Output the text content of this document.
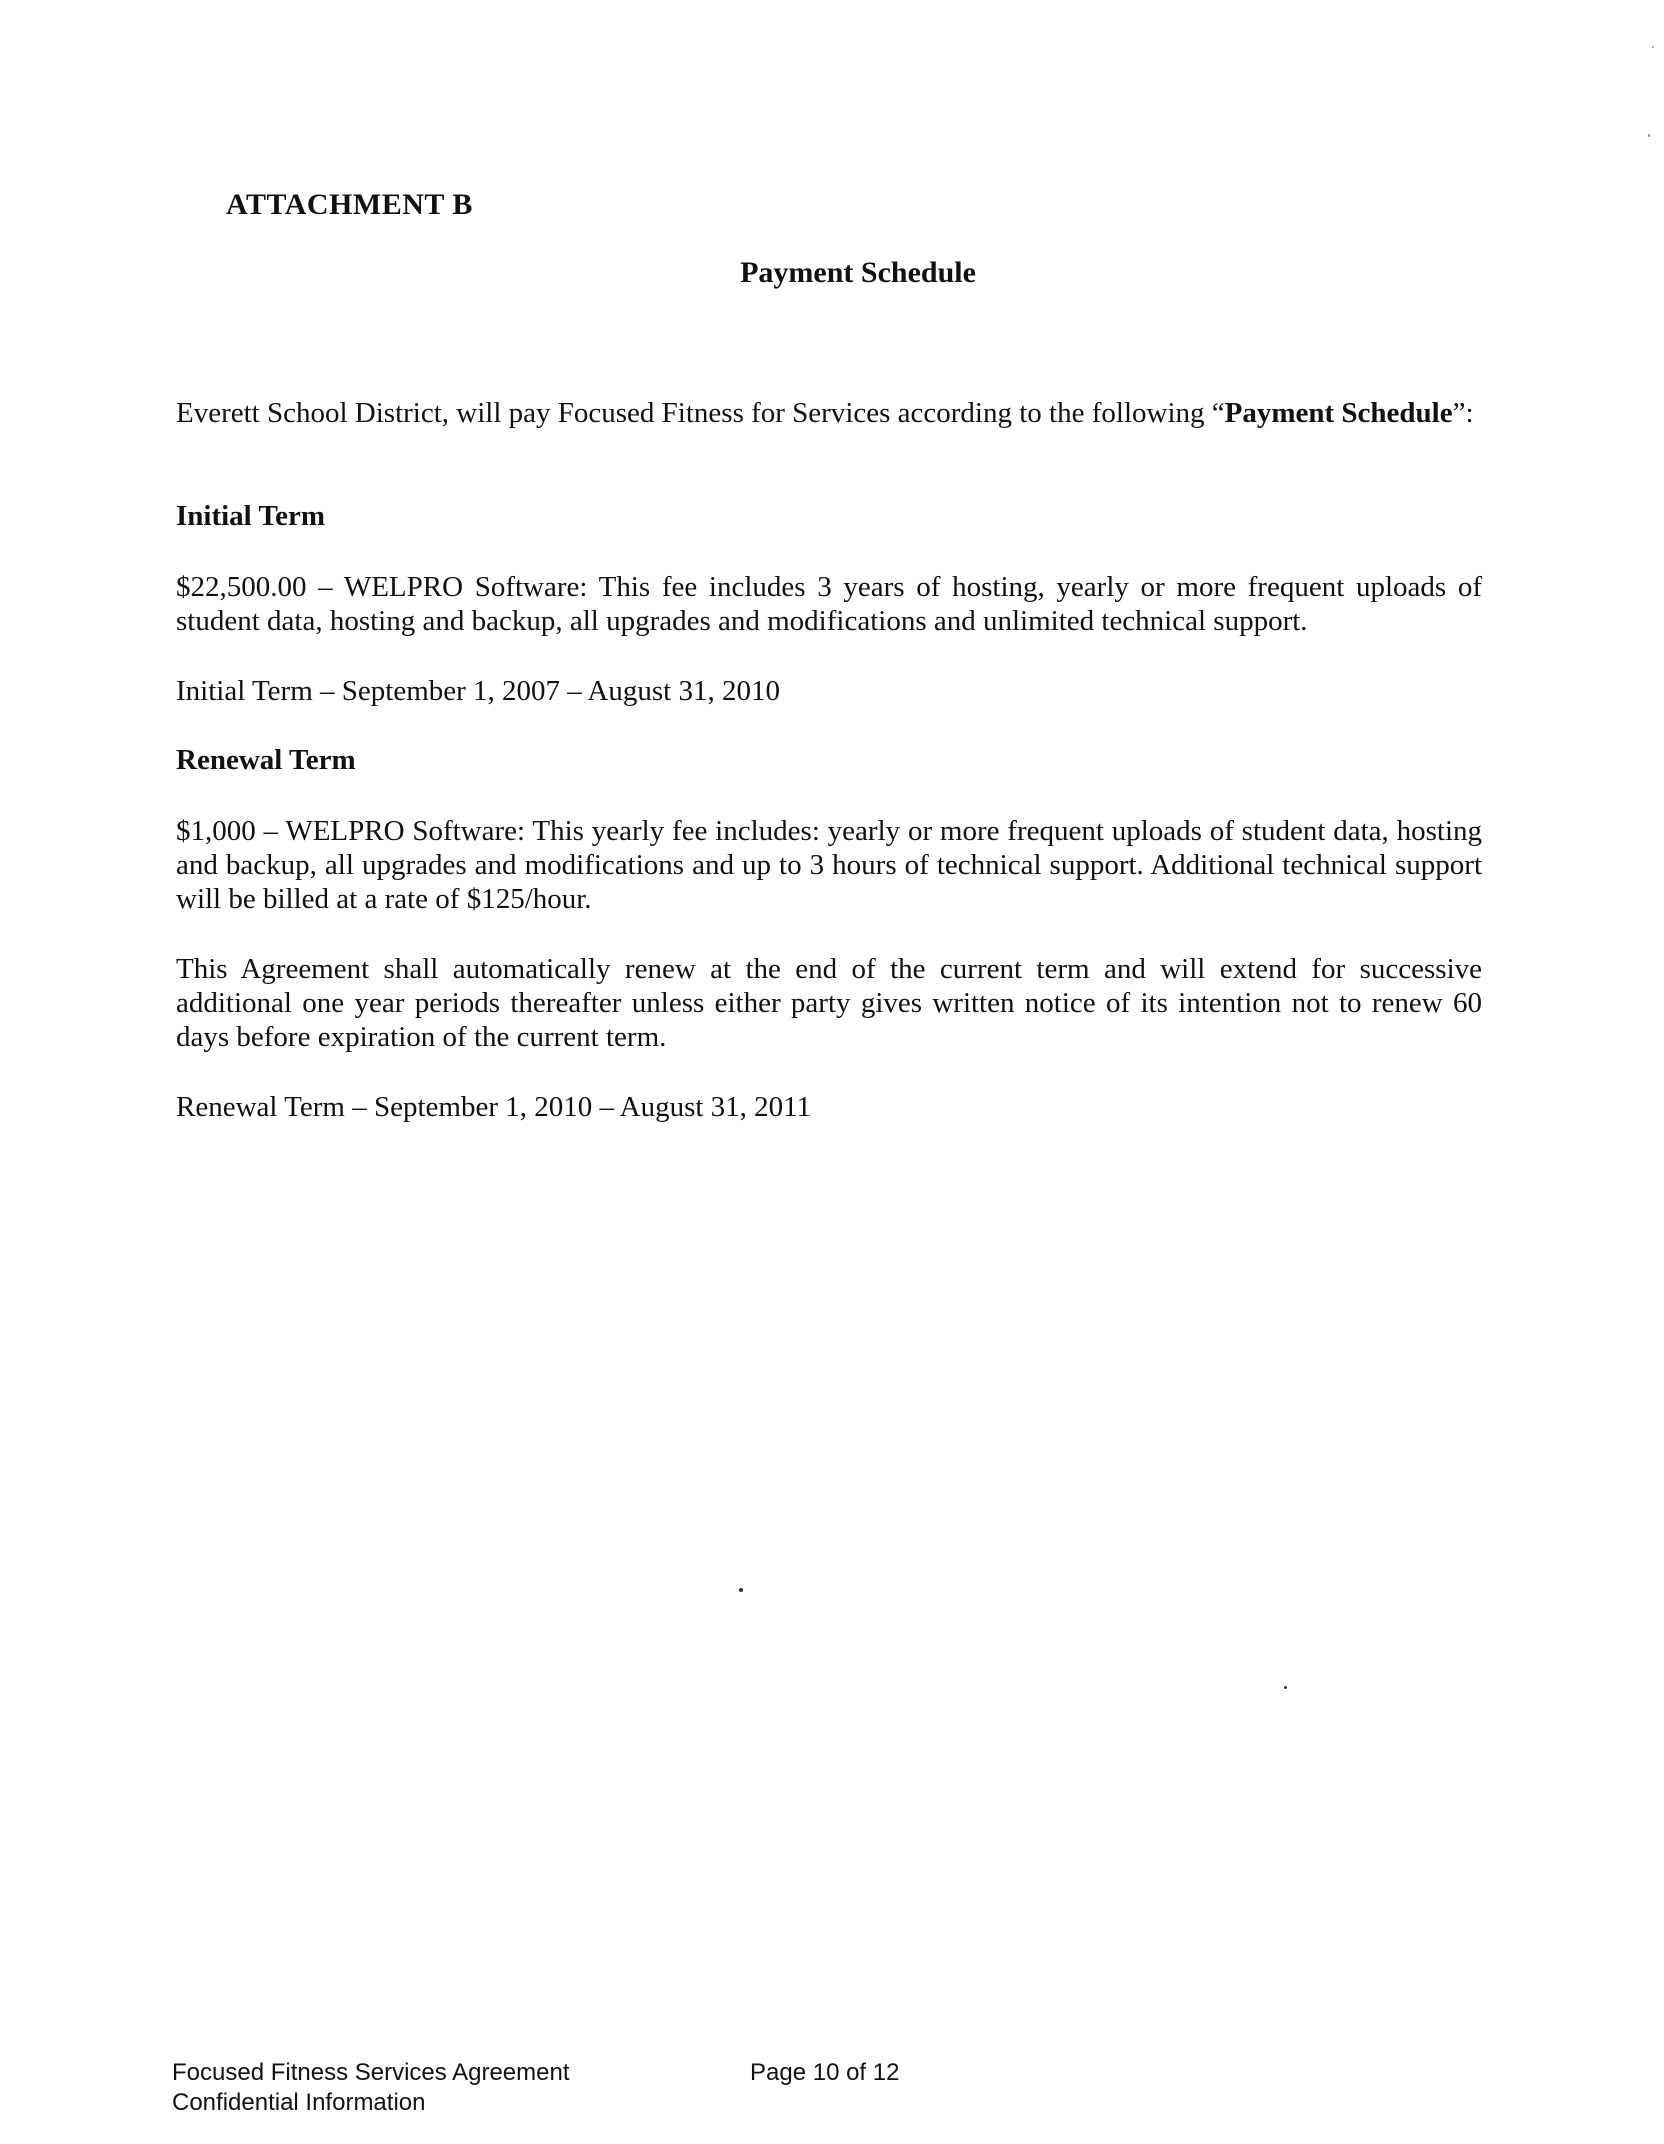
ATTACHMENT B
Payment Schedule
Everett School District, will pay Focused Fitness for Services according to the following “Payment Schedule”:
Initial Term
$22,500.00 – WELPRO Software: This fee includes 3 years of hosting, yearly or more frequent uploads of student data, hosting and backup, all upgrades and modifications and unlimited technical support.
Initial Term – September 1, 2007 – August 31, 2010
Renewal Term
$1,000 – WELPRO Software: This yearly fee includes: yearly or more frequent uploads of student data, hosting and backup, all upgrades and modifications and up to 3 hours of technical support. Additional technical support will be billed at a rate of $125/hour.
This Agreement shall automatically renew at the end of the current term and will extend for successive additional one year periods thereafter unless either party gives written notice of its intention not to renew 60 days before expiration of the current term.
Renewal Term – September 1, 2010 – August 31, 2011
Focused Fitness Services Agreement
Confidential Information
Page 10 of 12
